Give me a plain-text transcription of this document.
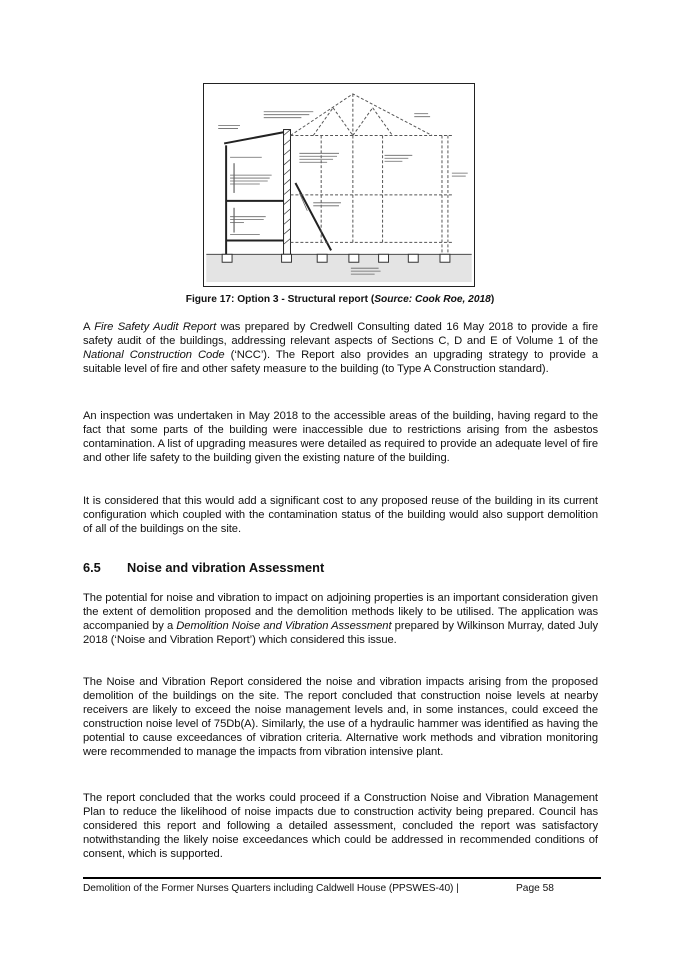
Figure 17: Option 3 - Structural report (Source: Cook Roe, 2018)

A Fire Safety Audit Report was prepared by Credwell Consulting dated 16 May 2018 to provide a fire safety audit of the buildings, addressing relevant aspects of Sections C, D and E of Volume 1 of the National Construction Code (‘NCC’). The Report also provides an upgrading strategy to provide a suitable level of fire and other safety measure to the building (to Type A Construction standard).

An inspection was undertaken in May 2018 to the accessible areas of the building, having regard to the fact that some parts of the building were inaccessible due to restrictions arising from the asbestos contamination. A list of upgrading measures were detailed as required to provide an adequate level of fire and other life safety to the building given the existing nature of the building.

It is considered that this would add a significant cost to any proposed reuse of the building in its current configuration which coupled with the contamination status of the building would also support demolition of all of the buildings on the site.

6.5 Noise and vibration Assessment

The potential for noise and vibration to impact on adjoining properties is an important consideration given the extent of demolition proposed and the demolition methods likely to be utilised. The application was accompanied by a Demolition Noise and Vibration Assessment prepared by Wilkinson Murray, dated July 2018 (‘Noise and Vibration Report’) which considered this issue.

The Noise and Vibration Report considered the noise and vibration impacts arising from the proposed demolition of the buildings on the site. The report concluded that construction noise levels at nearby receivers are likely to exceed the noise management levels and, in some instances, could exceed the construction noise level of 75Db(A). Similarly, the use of a hydraulic hammer was identified as having the potential to cause exceedances of vibration criteria. Alternative work methods and vibration monitoring were recommended to manage the impacts from vibration intensive plant.

The report concluded that the works could proceed if a Construction Noise and Vibration Management Plan to reduce the likelihood of noise impacts due to construction activity being prepared. Council has considered this report and following a detailed assessment, concluded the report was satisfactory notwithstanding the likely noise exceedances which could be addressed in recommended conditions of consent, which is supported.

Demolition of the Former Nurses Quarters including Caldwell House (PPSWES-40) |	Page 58
